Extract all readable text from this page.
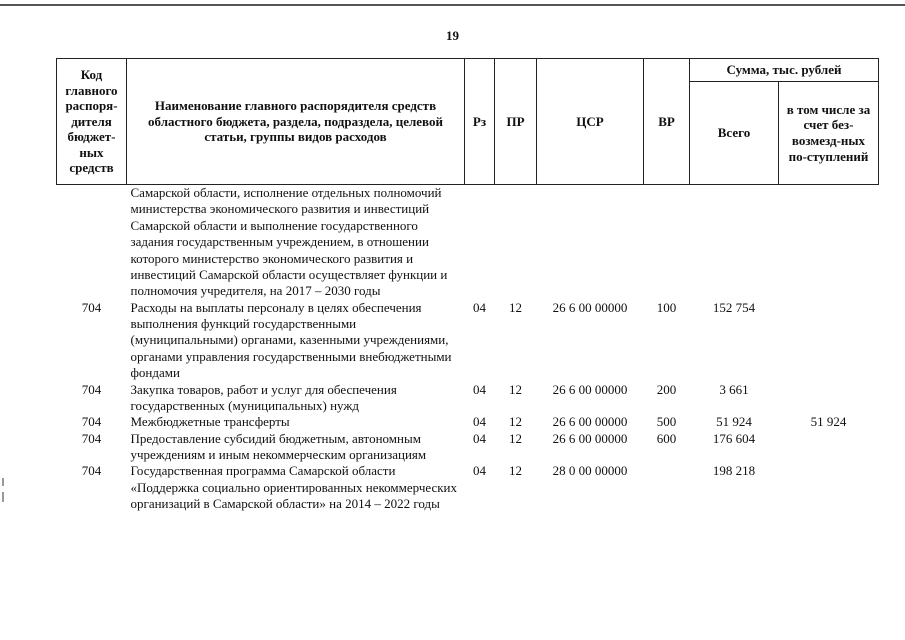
19
Код главного распоря-дителя бюджет-ных средств	Наименование главного распорядителя средств областного бюджета, раздела, подраздела, целевой статьи, группы видов расходов	Рз	ПР	ЦСР	ВР	Сумма, тыс. рублей	
						Всего	в том числе за счет без-возмезд-ных по-ступлений
	Самарской области, исполнение отдельных полномочий министерства экономического развития и инвестиций Самарской области и выполнение государственного задания государственным учреждением, в отношении которого министерство экономического развития и инвестиций Самарской области осуществляет функции и полномочия учредителя, на 2017 – 2030 годы						
704	Расходы на выплаты персоналу в целях обеспечения выполнения функций государственными (муниципальными) органами, казенными учреждениями, органами управления государственными внебюджетными фондами	04	12	26 6 00 00000	100	152 754	
704	Закупка товаров, работ и услуг для обеспечения государственных (муниципальных) нужд	04	12	26 6 00 00000	200	3 661	
704	Межбюджетные трансферты	04	12	26 6 00 00000	500	51 924	51 924
704	Предоставление субсидий бюджетным, автономным учреждениям и иным некоммерческим организациям	04	12	26 6 00 00000	600	176 604	
704	Государственная программа Самарской области «Поддержка социально ориентированных некоммерческих организаций в Самарской области» на 2014 – 2022 годы	04	12	28 0 00 00000		198 218	
